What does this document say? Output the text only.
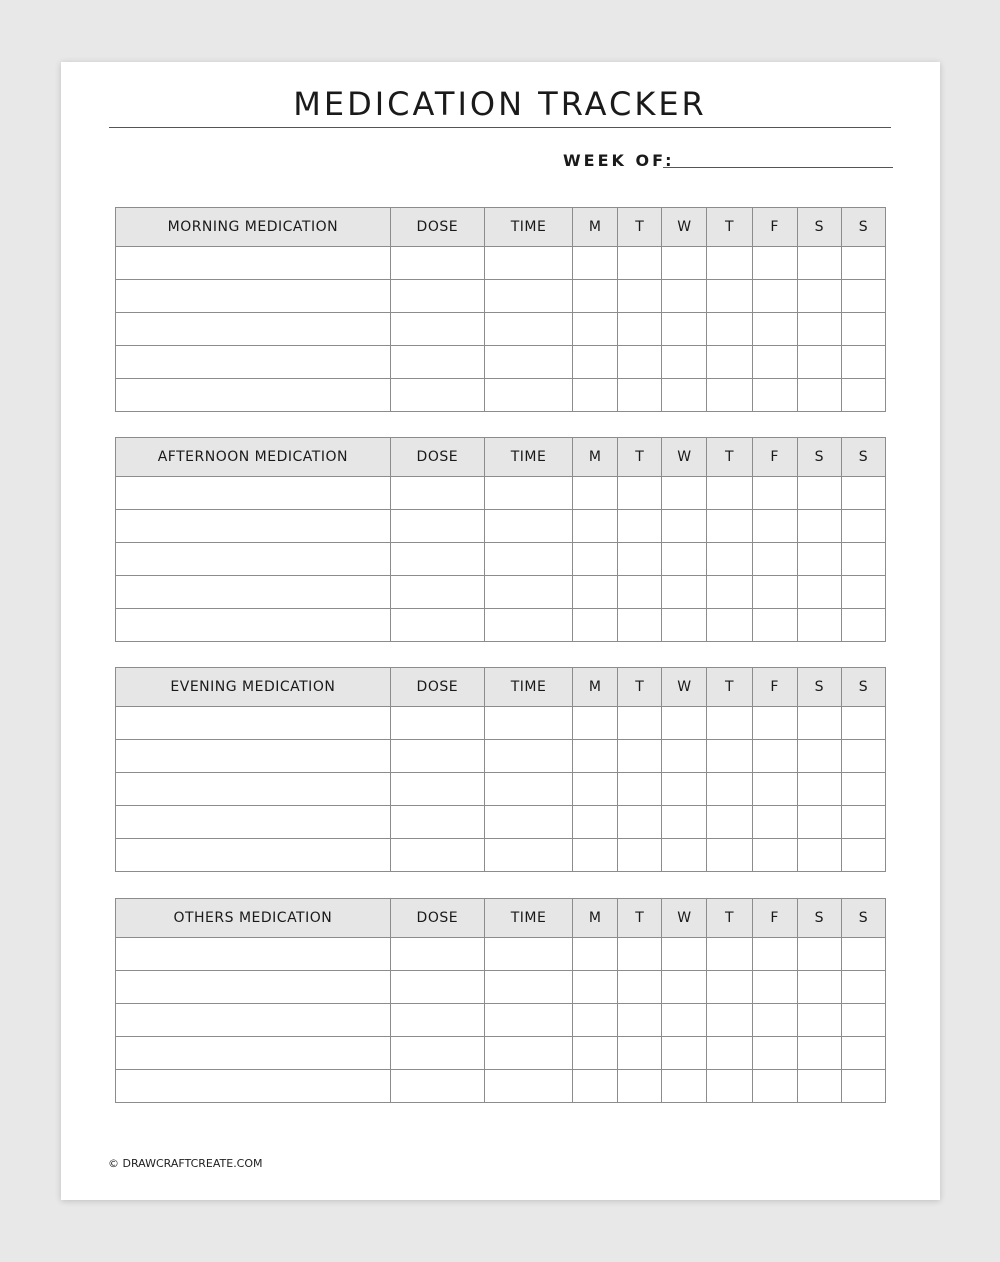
MEDICATION TRACKER
WEEK OF:
MORNING MEDICATION	DOSE	TIME	M	T	W	T	F	S	S

AFTERNOON MEDICATION	DOSE	TIME	M	T	W	T	F	S	S

EVENING MEDICATION	DOSE	TIME	M	T	W	T	F	S	S

OTHERS MEDICATION	DOSE	TIME	M	T	W	T	F	S	S

© DRAWCRAFTCREATE.COM
